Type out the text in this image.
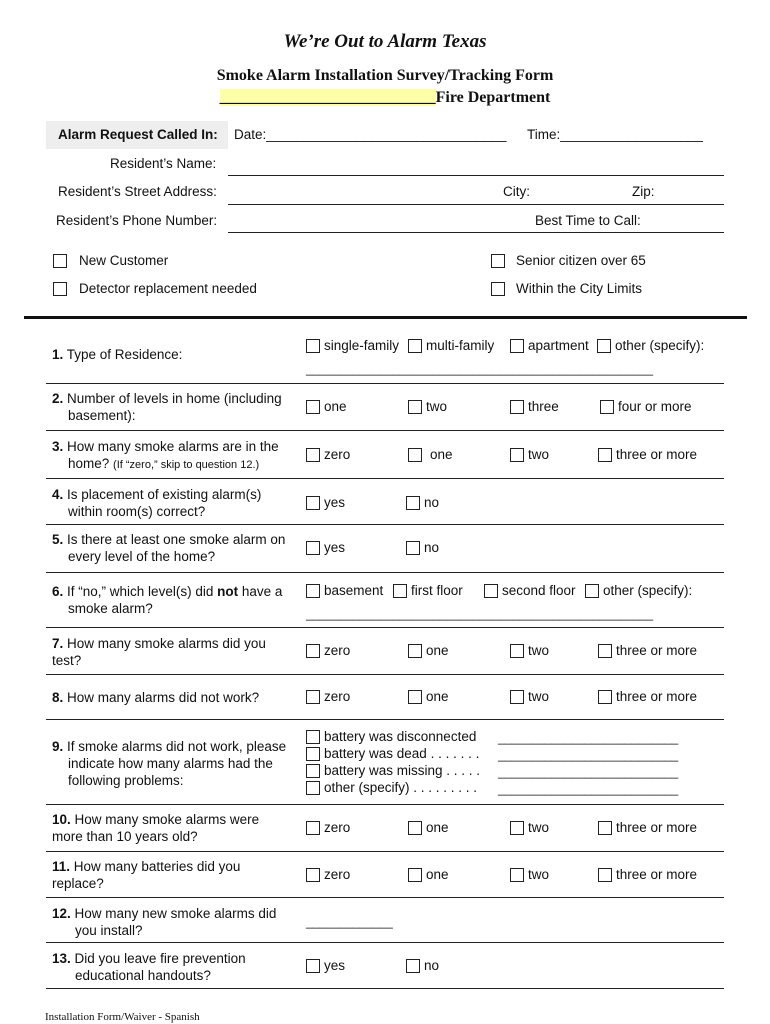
We’re Out to Alarm Texas
Smoke Alarm Installation Survey/Tracking Form
___________________________Fire Department
Alarm Request Called In: Date:________________________________ Time:___________________
Resident’s Name:
Resident’s Street Address:	City:	Zip:
Resident’s Phone Number:	Best Time to Call:
New Customer
Detector replacement needed
Senior citizen over 65
Within the City Limits
1. Type of Residence:
single-family multi-family apartment other (specify):
____________________________________________________
2. Number of levels in home (including
basement):
one	two	three	four or more
3. How many smoke alarms are in the
home? (If “zero,” skip to question 12.)
zero	one	two	three or more
4. Is placement of existing alarm(s)
within room(s) correct?
yes	no
5. Is there at least one smoke alarm on
every level of the home?
yes	no
6. If “no,” which level(s) did not have a
smoke alarm?
basement first floor	second floor other (specify):
____________________________________________________
7. How many smoke alarms did you
test?
zero	one	two	three or more
8. How many alarms did not work?	zero	one	two	three or more
9. If smoke alarms did not work, please
indicate how many alarms had the
following problems:
battery was disconnected
battery was dead . . . . . . .
battery was missing . . . . .
other (specify) . . . . . . . . .
___________________________
___________________________
___________________________
___________________________
10. How many smoke alarms were
more than 10 years old?
zero	one	two	three or more
11. How many batteries did you
replace?
zero	one	two	three or more
12. How many new smoke alarms did
you install?
_____________
13. Did you leave fire prevention
educational handouts?
yes	no
Installation Form/Waiver - Spanish
